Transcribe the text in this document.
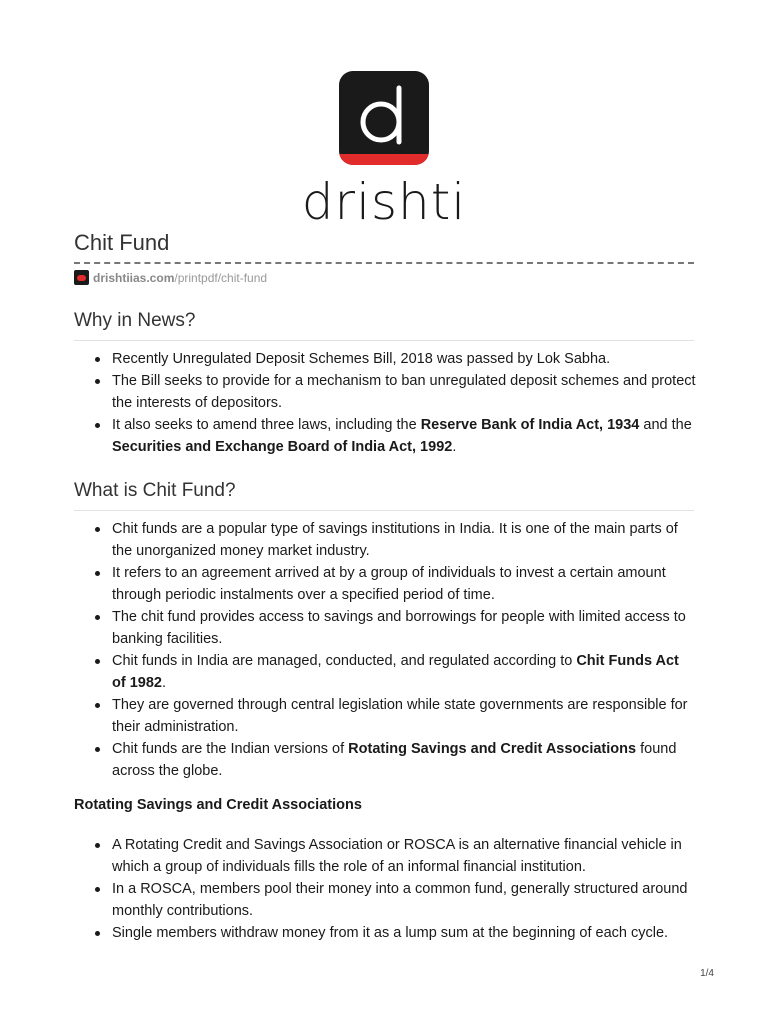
drishti
Chit Fund
drishtiias.com/printpdf/chit-fund
Why in News?
Recently Unregulated Deposit Schemes Bill, 2018 was passed by Lok Sabha.
The Bill seeks to provide for a mechanism to ban unregulated deposit schemes and protect the interests of depositors.
It also seeks to amend three laws, including the Reserve Bank of India Act, 1934 and the Securities and Exchange Board of India Act, 1992.
What is Chit Fund?
Chit funds are a popular type of savings institutions in India. It is one of the main parts of the unorganized money market industry.
It refers to an agreement arrived at by a group of individuals to invest a certain amount through periodic instalments over a specified period of time.
The chit fund provides access to savings and borrowings for people with limited access to banking facilities.
Chit funds in India are managed, conducted, and regulated according to Chit Funds Act of 1982.
They are governed through central legislation while state governments are responsible for their administration.
Chit funds are the Indian versions of Rotating Savings and Credit Associations found across the globe.
Rotating Savings and Credit Associations
A Rotating Credit and Savings Association or ROSCA is an alternative financial vehicle in which a group of individuals fills the role of an informal financial institution.
In a ROSCA, members pool their money into a common fund, generally structured around monthly contributions.
Single members withdraw money from it as a lump sum at the beginning of each cycle.
1/4
